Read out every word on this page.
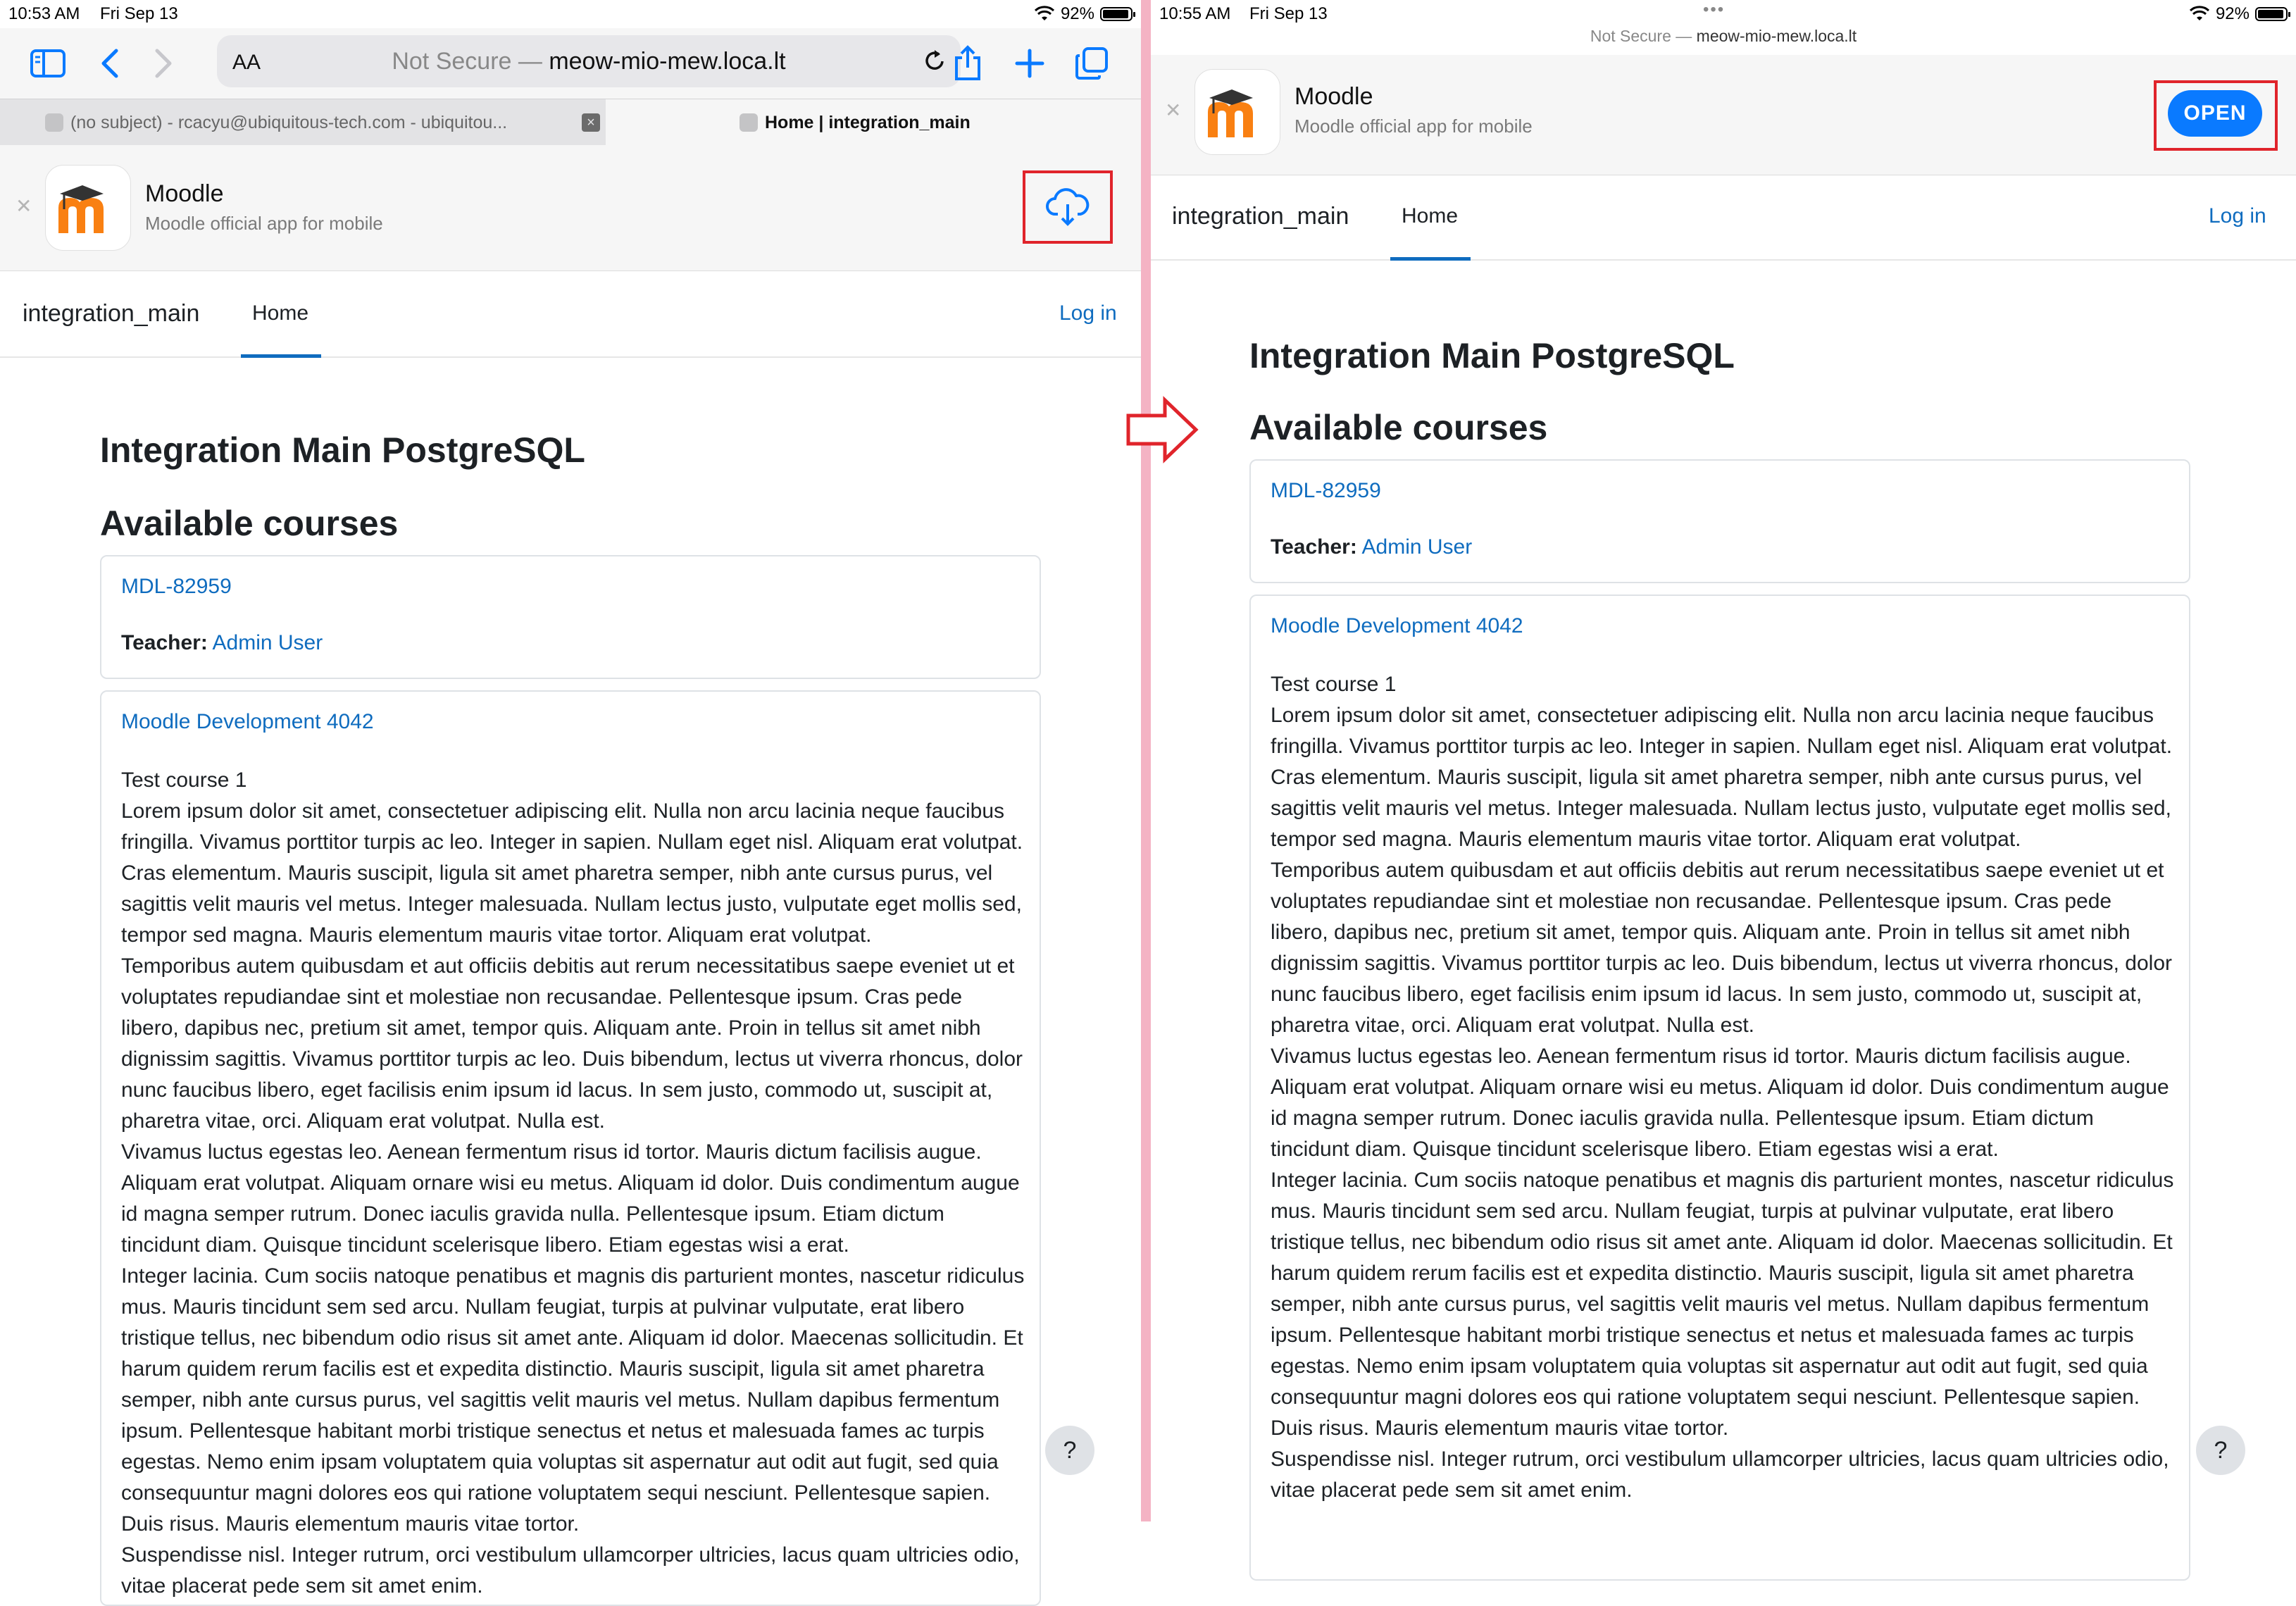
10:53 AM Fri Sep 13	92%
AA	Not Secure — meow-mio-mew.loca.lt
(no subject) - rcacyu@ubiquitous-tech.com - ubiquitou...	×	Home | integration_main
✕	Moodle
Moodle official app for mobile
integration_main Home	Log in
Integration Main PostgreSQL
Available courses
MDL-82959
Teacher: Admin User
Moodle Development 4042

Test course 1

Lorem ipsum dolor sit amet, consectetuer adipiscing elit. Nulla non arcu lacinia neque faucibus fringilla. Vivamus porttitor turpis ac leo. Integer in sapien. Nullam eget nisl. Aliquam erat volutpat. Cras elementum. Mauris suscipit, ligula sit amet pharetra semper, nibh ante cursus purus, vel sagittis velit mauris vel metus. Integer malesuada. Nullam lectus justo, vulputate eget mollis sed, tempor sed magna. Mauris elementum mauris vitae tortor. Aliquam erat volutpat.

Temporibus autem quibusdam et aut officiis debitis aut rerum necessitatibus saepe eveniet ut et voluptates repudiandae sint et molestiae non recusandae. Pellentesque ipsum. Cras pede libero, dapibus nec, pretium sit amet, tempor quis. Aliquam ante. Proin in tellus sit amet nibh dignissim sagittis. Vivamus porttitor turpis ac leo. Duis bibendum, lectus ut viverra rhoncus, dolor nunc faucibus libero, eget facilisis enim ipsum id lacus. In sem justo, commodo ut, suscipit at, pharetra vitae, orci. Aliquam erat volutpat. Nulla est.

Vivamus luctus egestas leo. Aenean fermentum risus id tortor. Mauris dictum facilisis augue. Aliquam erat volutpat. Aliquam ornare wisi eu metus. Aliquam id dolor. Duis condimentum augue id magna semper rutrum. Donec iaculis gravida nulla. Pellentesque ipsum. Etiam dictum tincidunt diam. Quisque tincidunt scelerisque libero. Etiam egestas wisi a erat.

Integer lacinia. Cum sociis natoque penatibus et magnis dis parturient montes, nascetur ridiculus mus. Mauris tincidunt sem sed arcu. Nullam feugiat, turpis at pulvinar vulputate, erat libero tristique tellus, nec bibendum odio risus sit amet ante. Aliquam id dolor. Maecenas sollicitudin. Et harum quidem rerum facilis est et expedita distinctio. Mauris suscipit, ligula sit amet pharetra semper, nibh ante cursus purus, vel sagittis velit mauris vel metus. Nullam dapibus fermentum ipsum. Pellentesque habitant morbi tristique senectus et netus et malesuada fames ac turpis egestas. Nemo enim ipsam voluptatem quia voluptas sit aspernatur aut odit aut fugit, sed quia consequuntur magni dolores eos qui ratione voluptatem sequi nesciunt. Pellentesque sapien. Duis risus. Mauris elementum mauris vitae tortor.

Suspendisse nisl. Integer rutrum, orci vestibulum ullamcorper ultricies, lacus quam ultricies odio, vitae placerat pede sem sit amet enim.

?
10:55 AM Fri Sep 13	•••	92%
Not Secure — meow-mio-mew.loca.lt
✕
Moodle
Moodle official app for mobile
OPEN
integration_main Home	Log in
Integration Main PostgreSQL
Available courses
MDL-82959
Teacher: Admin User
Moodle Development 4042

Test course 1

Lorem ipsum dolor sit amet, consectetuer adipiscing elit. Nulla non arcu lacinia neque faucibus fringilla. Vivamus porttitor turpis ac leo. Integer in sapien. Nullam eget nisl. Aliquam erat volutpat. Cras elementum. Mauris suscipit, ligula sit amet pharetra semper, nibh ante cursus purus, vel sagittis velit mauris vel metus. Integer malesuada. Nullam lectus justo, vulputate eget mollis sed, tempor sed magna. Mauris elementum mauris vitae tortor. Aliquam erat volutpat.

Temporibus autem quibusdam et aut officiis debitis aut rerum necessitatibus saepe eveniet ut et voluptates repudiandae sint et molestiae non recusandae. Pellentesque ipsum. Cras pede libero, dapibus nec, pretium sit amet, tempor quis. Aliquam ante. Proin in tellus sit amet nibh dignissim sagittis. Vivamus porttitor turpis ac leo. Duis bibendum, lectus ut viverra rhoncus, dolor nunc faucibus libero, eget facilisis enim ipsum id lacus. In sem justo, commodo ut, suscipit at, pharetra vitae, orci. Aliquam erat volutpat. Nulla est.

Vivamus luctus egestas leo. Aenean fermentum risus id tortor. Mauris dictum facilisis augue. Aliquam erat volutpat. Aliquam ornare wisi eu metus. Aliquam id dolor. Duis condimentum augue id magna semper rutrum. Donec iaculis gravida nulla. Pellentesque ipsum. Etiam dictum tincidunt diam. Quisque tincidunt scelerisque libero. Etiam egestas wisi a erat.

Integer lacinia. Cum sociis natoque penatibus et magnis dis parturient montes, nascetur ridiculus mus. Mauris tincidunt sem sed arcu. Nullam feugiat, turpis at pulvinar vulputate, erat libero tristique tellus, nec bibendum odio risus sit amet ante. Aliquam id dolor. Maecenas sollicitudin. Et harum quidem rerum facilis est et expedita distinctio. Mauris suscipit, ligula sit amet pharetra semper, nibh ante cursus purus, vel sagittis velit mauris vel metus. Nullam dapibus fermentum ipsum. Pellentesque habitant morbi tristique senectus et netus et malesuada fames ac turpis egestas. Nemo enim ipsam voluptatem quia voluptas sit aspernatur aut odit aut fugit, sed quia consequuntur magni dolores eos qui ratione voluptatem sequi nesciunt. Pellentesque sapien. Duis risus. Mauris elementum mauris vitae tortor.

Suspendisse nisl. Integer rutrum, orci vestibulum ullamcorper ultricies, lacus quam ultricies odio, vitae placerat pede sem sit amet enim.

?
